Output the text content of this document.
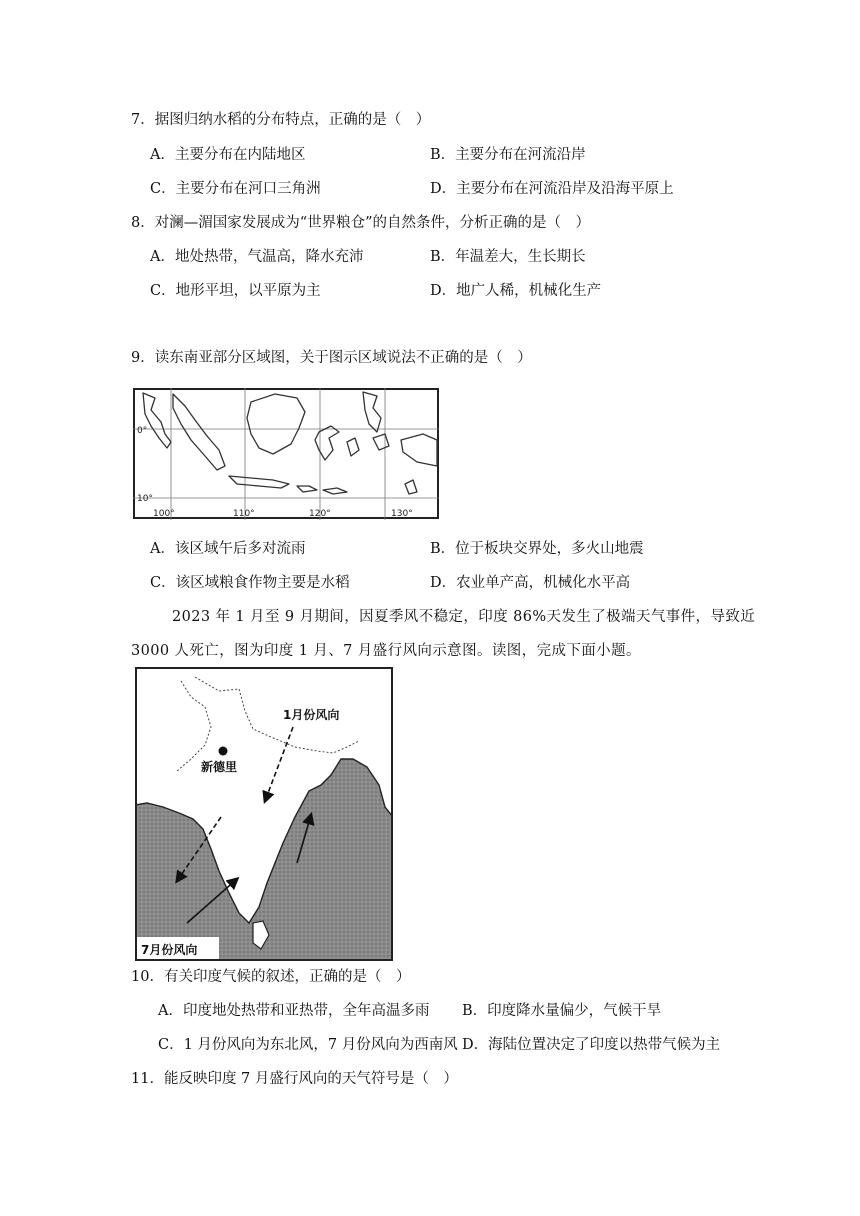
7．据图归纳水稻的分布特点，正确的是（　）
A．主要分布在内陆地区	B．主要分布在河流沿岸
C．主要分布在河口三角洲	D．主要分布在河流沿岸及沿海平原上
8．对澜—湄国家发展成为“世界粮仓”的自然条件，分析正确的是（　）
A．地处热带，气温高，降水充沛	B．年温差大，生长期长
C．地形平坦，以平原为主	D．地广人稀，机械化生产
9．读东南亚部分区域图，关于图示区域说法不正确的是（　）
0°
10°
100°	110°	120°	130°
A．该区域午后多对流雨	B．位于板块交界处，多火山地震
C．该区域粮食作物主要是水稻	D．农业单产高，机械化水平高
2023 年 1 月至 9 月期间，因夏季风不稳定，印度 86%天发生了极端天气事件，导致近
3000 人死亡，图为印度 1 月、7 月盛行风向示意图。读图，完成下面小题。
新德里
1月份风向
7月份风向
10．有关印度气候的叙述，正确的是（　）
A．印度地处热带和亚热带，全年高温多雨 B．印度降水量偏少，气候干旱
C．1 月份风向为东北风，7 月份风向为西南风 D．海陆位置决定了印度以热带气候为主
11．能反映印度 7 月盛行风向的天气符号是（　）
